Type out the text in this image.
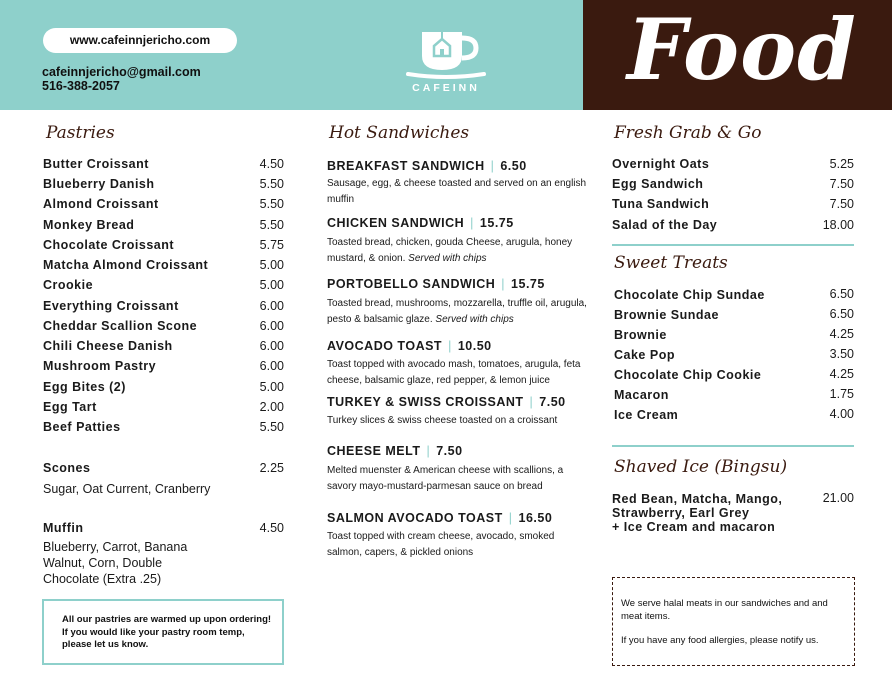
www.cafeinnjericho.com
cafeinnjericho@gmail.com
516-388-2057	CAFEINN Food
Pastries
Butter Croissant	4.50
Blueberry Danish	5.50
Almond Croissant	5.50
Monkey Bread	5.50
Chocolate Croissant	5.75
Matcha Almond Croissant	5.00
Crookie	5.00
Everything Croissant	6.00
Cheddar Scallion Scone	6.00
Chili Cheese Danish	6.00
Mushroom Pastry	6.00
Egg Bites (2)	5.00
Egg Tart	2.00
Beef Patties	5.50
Scones	2.25
Sugar, Oat Current, Cranberry
Muffin	4.50
Blueberry, Carrot, Banana
Walnut, Corn, Double
Chocolate (Extra .25)
All our pastries are warmed up upon ordering! If you would like your pastry room temp, please let us know.
Hot Sandwiches
BREAKFAST SANDWICH | 6.50
Sausage, egg, & cheese toasted and served on an english muffin
CHICKEN SANDWICH | 15.75
Toasted bread, chicken, gouda Cheese, arugula, honey mustard, & onion. Served with chips
PORTOBELLO SANDWICH | 15.75
Toasted bread, mushrooms, mozzarella, truffle oil, arugula, pesto & balsamic glaze. Served with chips
AVOCADO TOAST | 10.50
Toast topped with avocado mash, tomatoes, arugula, feta cheese, balsamic glaze, red pepper, & lemon juice
TURKEY & SWISS CROISSANT | 7.50
Turkey slices & swiss cheese toasted on a croissant
CHEESE MELT | 7.50
Melted muenster & American cheese with scallions, a savory mayo-mustard-parmesan sauce on bread
SALMON AVOCADO TOAST | 16.50
Toast topped with cream cheese, avocado, smoked salmon, capers, & pickled onions
Fresh Grab & Go
Overnight Oats	5.25
Egg Sandwich	7.50
Tuna Sandwich	7.50
Salad of the Day	18.00
Sweet Treats
Chocolate Chip Sundae	6.50
Brownie Sundae	6.50
Brownie	4.25
Cake Pop	3.50
Chocolate Chip Cookie	4.25
Macaron	1.75
Ice Cream	4.00
Shaved Ice (Bingsu)
Red Bean, Matcha, Mango,
Strawberry, Earl Grey
+ Ice Cream and macaron
21.00
We serve halal meats in our sandwiches and and meat items.
If you have any food allergies, please notify us.
